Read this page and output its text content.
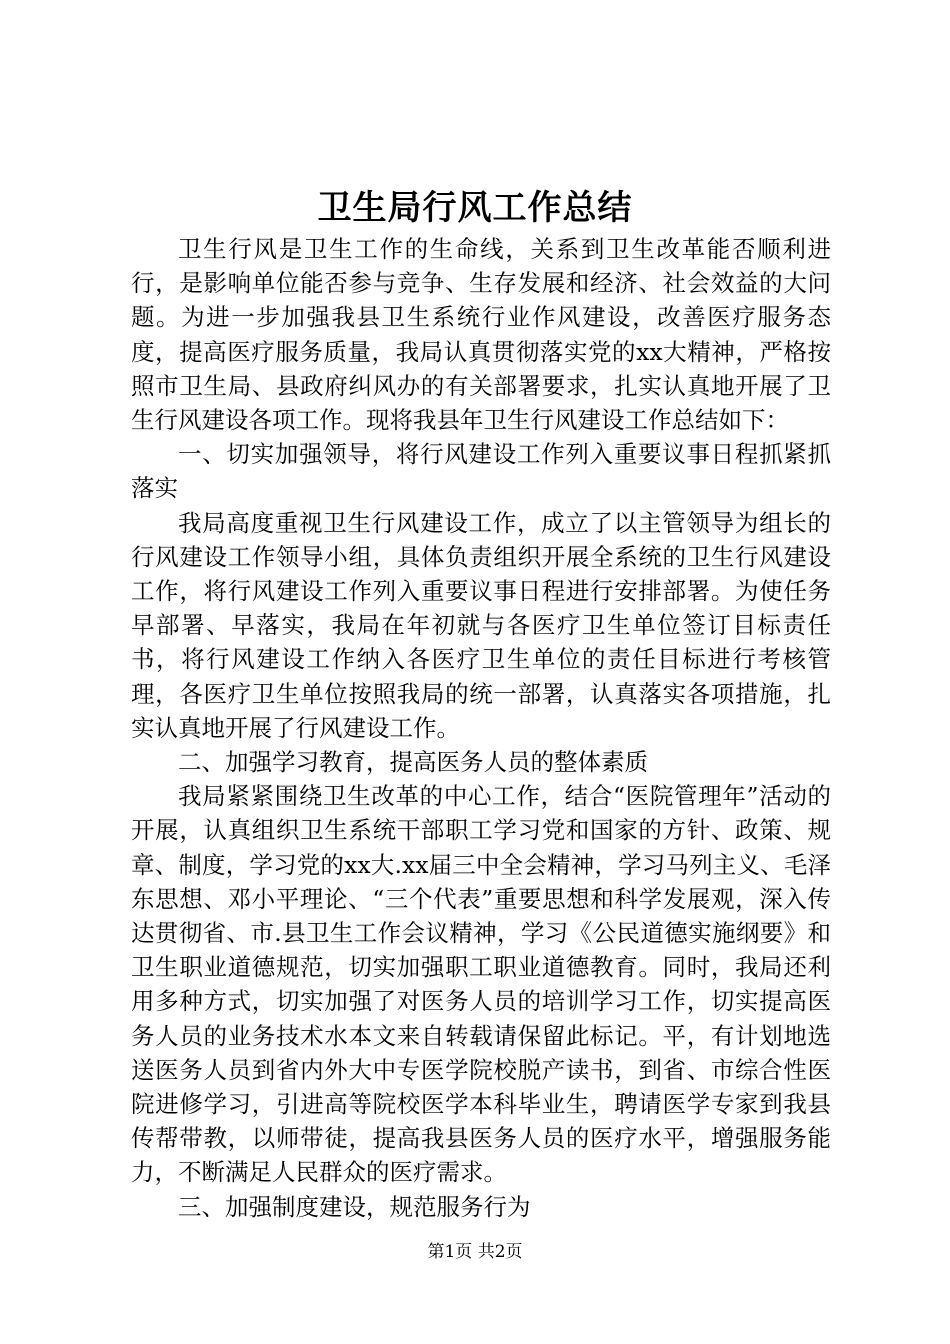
卫生局行风工作总结

卫生行风是卫生工作的生命线，关系到卫生改革能否顺利进行，是影响单位能否参与竞争、生存发展和经济、社会效益的大问题。为进一步加强我县卫生系统行业作风建设，改善医疗服务态度，提高医疗服务质量，我局认真贯彻落实党的xx大精神，严格按照市卫生局、县政府纠风办的有关部署要求，扎实认真地开展了卫生行风建设各项工作。现将我县年卫生行风建设工作总结如下：

一、切实加强领导，将行风建设工作列入重要议事日程抓紧抓落实

我局高度重视卫生行风建设工作，成立了以主管领导为组长的行风建设工作领导小组，具体负责组织开展全系统的卫生行风建设工作，将行风建设工作列入重要议事日程进行安排部署。为使任务早部署、早落实，我局在年初就与各医疗卫生单位签订目标责任书，将行风建设工作纳入各医疗卫生单位的责任目标进行考核管理，各医疗卫生单位按照我局的统一部署，认真落实各项措施，扎实认真地开展了行风建设工作。

二、加强学习教育，提高医务人员的整体素质

我局紧紧围绕卫生改革的中心工作，结合“医院管理年”活动的开展，认真组织卫生系统干部职工学习党和国家的方针、政策、规章、制度，学习党的xx大.xx届三中全会精神，学习马列主义、毛泽东思想、邓小平理论、“三个代表”重要思想和科学发展观，深入传达贯彻省、市.县卫生工作会议精神，学习《公民道德实施纲要》和卫生职业道德规范，切实加强职工职业道德教育。同时，我局还利用多种方式，切实加强了对医务人员的培训学习工作，切实提高医务人员的业务技术水本文来自转载请保留此标记。平，有计划地选送医务人员到省内外大中专医学院校脱产读书，到省、市综合性医院进修学习，引进高等院校医学本科毕业生，聘请医学专家到我县传帮带教，以师带徒，提高我县医务人员的医疗水平，增强服务能力，不断满足人民群众的医疗需求。

三、加强制度建设，规范服务行为

第1页 共2页
